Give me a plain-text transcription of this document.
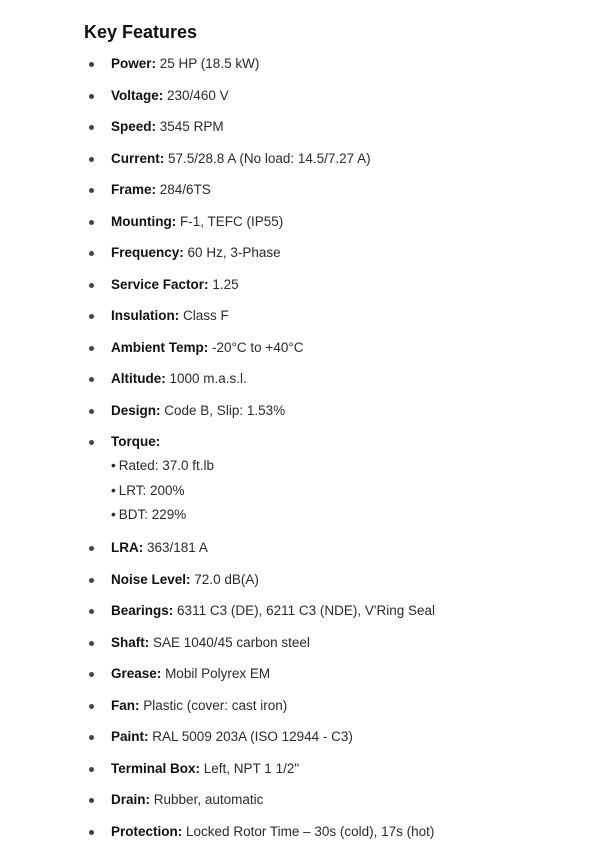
Key Features
Power: 25 HP (18.5 kW)
Voltage: 230/460 V
Speed: 3545 RPM
Current: 57.5/28.8 A (No load: 14.5/7.27 A)
Frame: 284/6TS
Mounting: F-1, TEFC (IP55)
Frequency: 60 Hz, 3-Phase
Service Factor: 1.25
Insulation: Class F
Ambient Temp: -20°C to +40°C
Altitude: 1000 m.a.s.l.
Design: Code B, Slip: 1.53%
Torque:
• Rated: 37.0 ft.lb
• LRT: 200%
• BDT: 229%
LRA: 363/181 A
Noise Level: 72.0 dB(A)
Bearings: 6311 C3 (DE), 6211 C3 (NDE), V'Ring Seal
Shaft: SAE 1040/45 carbon steel
Grease: Mobil Polyrex EM
Fan: Plastic (cover: cast iron)
Paint: RAL 5009 203A (ISO 12944 - C3)
Terminal Box: Left, NPT 1 1/2"
Drain: Rubber, automatic
Protection: Locked Rotor Time – 30s (cold), 17s (hot)
